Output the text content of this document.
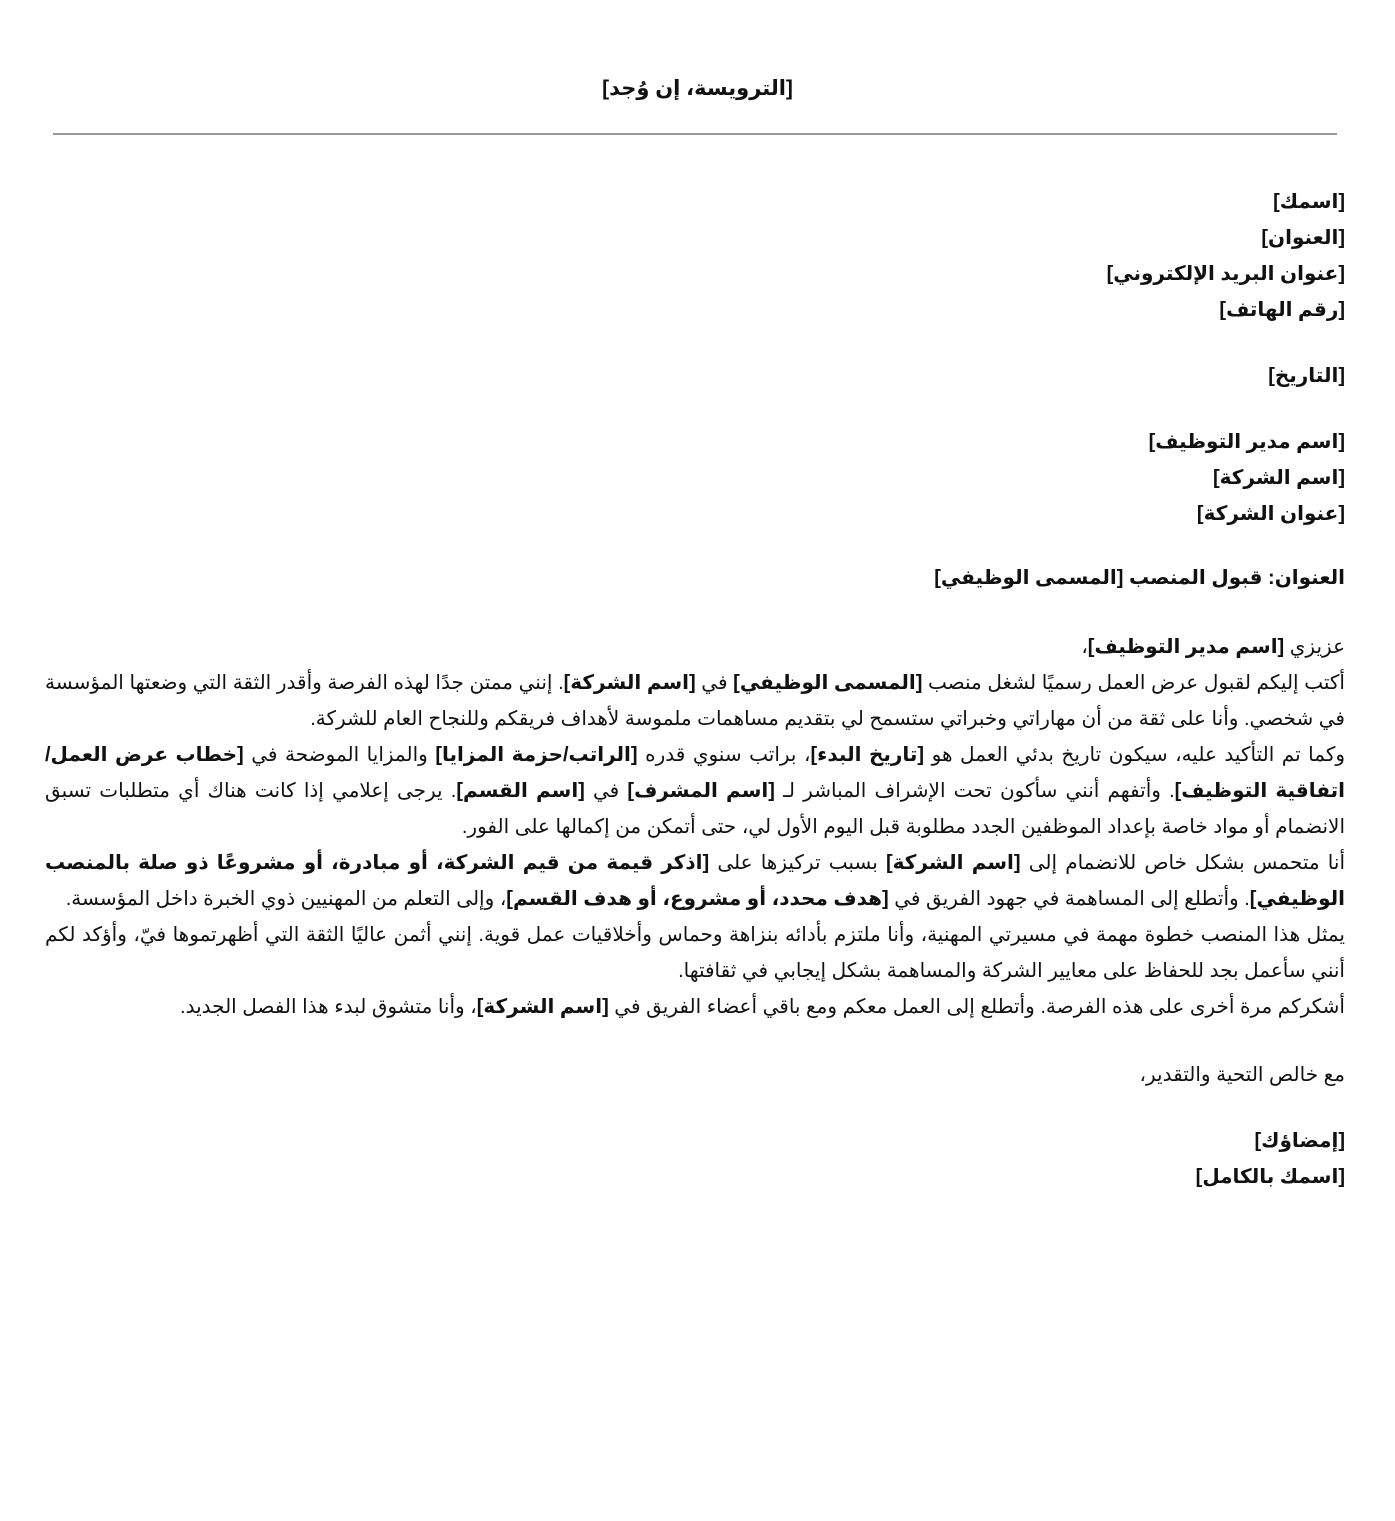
[الترويسة، إن وُجد]
[اسمك]
[العنوان]
[عنوان البريد الإلكتروني]
[رقم الهاتف]
[التاريخ]
[اسم مدير التوظيف]
[اسم الشركة]
[عنوان الشركة]
العنوان: قبول المنصب [المسمى الوظيفي]
عزيزي [اسم مدير التوظيف]،

أكتب إليكم لقبول عرض العمل رسميًا لشغل منصب [المسمى الوظيفي] في [اسم الشركة]. إنني ممتن جدًا لهذه الفرصة وأقدر الثقة التي وضعتها المؤسسة في شخصي. وأنا على ثقة من أن مهاراتي وخبراتي ستسمح لي بتقديم مساهمات ملموسة لأهداف فريقكم وللنجاح العام للشركة.

وكما تم التأكيد عليه، سيكون تاريخ بدئي العمل هو [تاريخ البدء]، براتب سنوي قدره [الراتب/حزمة المزايا] والمزايا الموضحة في [خطاب عرض العمل/اتفاقية التوظيف]. وأتفهم أنني سأكون تحت الإشراف المباشر لـ [اسم المشرف] في [اسم القسم]. يرجى إعلامي إذا كانت هناك أي متطلبات تسبق الانضمام أو مواد خاصة بإعداد الموظفين الجدد مطلوبة قبل اليوم الأول لي، حتى أتمكن من إكمالها على الفور.

أنا متحمس بشكل خاص للانضمام إلى [اسم الشركة] بسبب تركيزها على [اذكر قيمة من قيم الشركة، أو مبادرة، أو مشروعًا ذو صلة بالمنصب الوظيفي]. وأتطلع إلى المساهمة في جهود الفريق في [هدف محدد، أو مشروع، أو هدف القسم]، وإلى التعلم من المهنيين ذوي الخبرة داخل المؤسسة.

يمثل هذا المنصب خطوة مهمة في مسيرتي المهنية، وأنا ملتزم بأدائه بنزاهة وحماس وأخلاقيات عمل قوية. إنني أثمن عاليًا الثقة التي أظهرتموها فيّ، وأؤكد لكم أنني سأعمل بجد للحفاظ على معايير الشركة والمساهمة بشكل إيجابي في ثقافتها.

أشكركم مرة أخرى على هذه الفرصة. وأتطلع إلى العمل معكم ومع باقي أعضاء الفريق في [اسم الشركة]، وأنا متشوق لبدء هذا الفصل الجديد.

مع خالص التحية والتقدير،
[إمضاؤك]
[اسمك بالكامل]
